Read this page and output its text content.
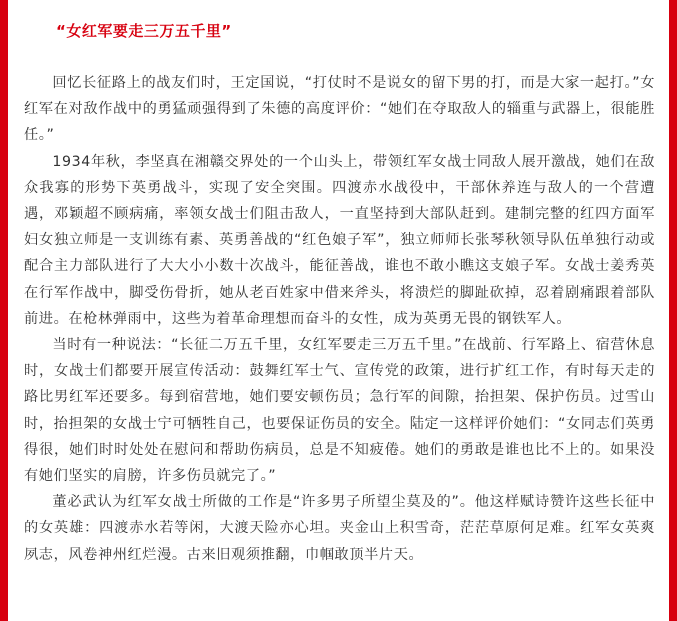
“女红军要走三万五千里”

回忆长征路上的战友们时，王定国说，“打仗时不是说女的留下男的打，而是大家一起打。”女红军在对敌作战中的勇猛顽强得到了朱德的高度评价：“她们在夺取敌人的辎重与武器上，很能胜任。”

1934年秋，李坚真在湘赣交界处的一个山头上，带领红军女战士同敌人展开激战，她们在敌众我寡的形势下英勇战斗，实现了安全突围。四渡赤水战役中，干部休养连与敌人的一个营遭遇，邓颖超不顾病痛，率领女战士们阻击敌人，一直坚持到大部队赶到。建制完整的红四方面军妇女独立师是一支训练有素、英勇善战的“红色娘子军”，独立师师长张琴秋领导队伍单独行动或配合主力部队进行了大大小小数十次战斗，能征善战，谁也不敢小瞧这支娘子军。女战士姜秀英在行军作战中，脚受伤骨折，她从老百姓家中借来斧头，将溃烂的脚趾砍掉，忍着剧痛跟着部队前进。在枪林弹雨中，这些为着革命理想而奋斗的女性，成为英勇无畏的钢铁军人。

当时有一种说法：“长征二万五千里，女红军要走三万五千里。”在战前、行军路上、宿营休息时，女战士们都要开展宣传活动：鼓舞红军士气、宣传党的政策，进行扩红工作，有时每天走的路比男红军还要多。每到宿营地，她们要安顿伤员；急行军的间隙，抬担架、保护伤员。过雪山时，抬担架的女战士宁可牺牲自己，也要保证伤员的安全。陆定一这样评价她们：“女同志们英勇得很，她们时时处处在慰问和帮助伤病员，总是不知疲倦。她们的勇敢是谁也比不上的。如果没有她们坚实的肩膀，许多伤员就完了。”

董必武认为红军女战士所做的工作是“许多男子所望尘莫及的”。他这样赋诗赞许这些长征中的女英雄：四渡赤水若等闲，大渡天险亦心坦。夹金山上积雪奇，茫茫草原何足难。红军女英爽夙志，风卷神州红烂漫。古来旧观须推翻，巾帼敢顶半片天。
